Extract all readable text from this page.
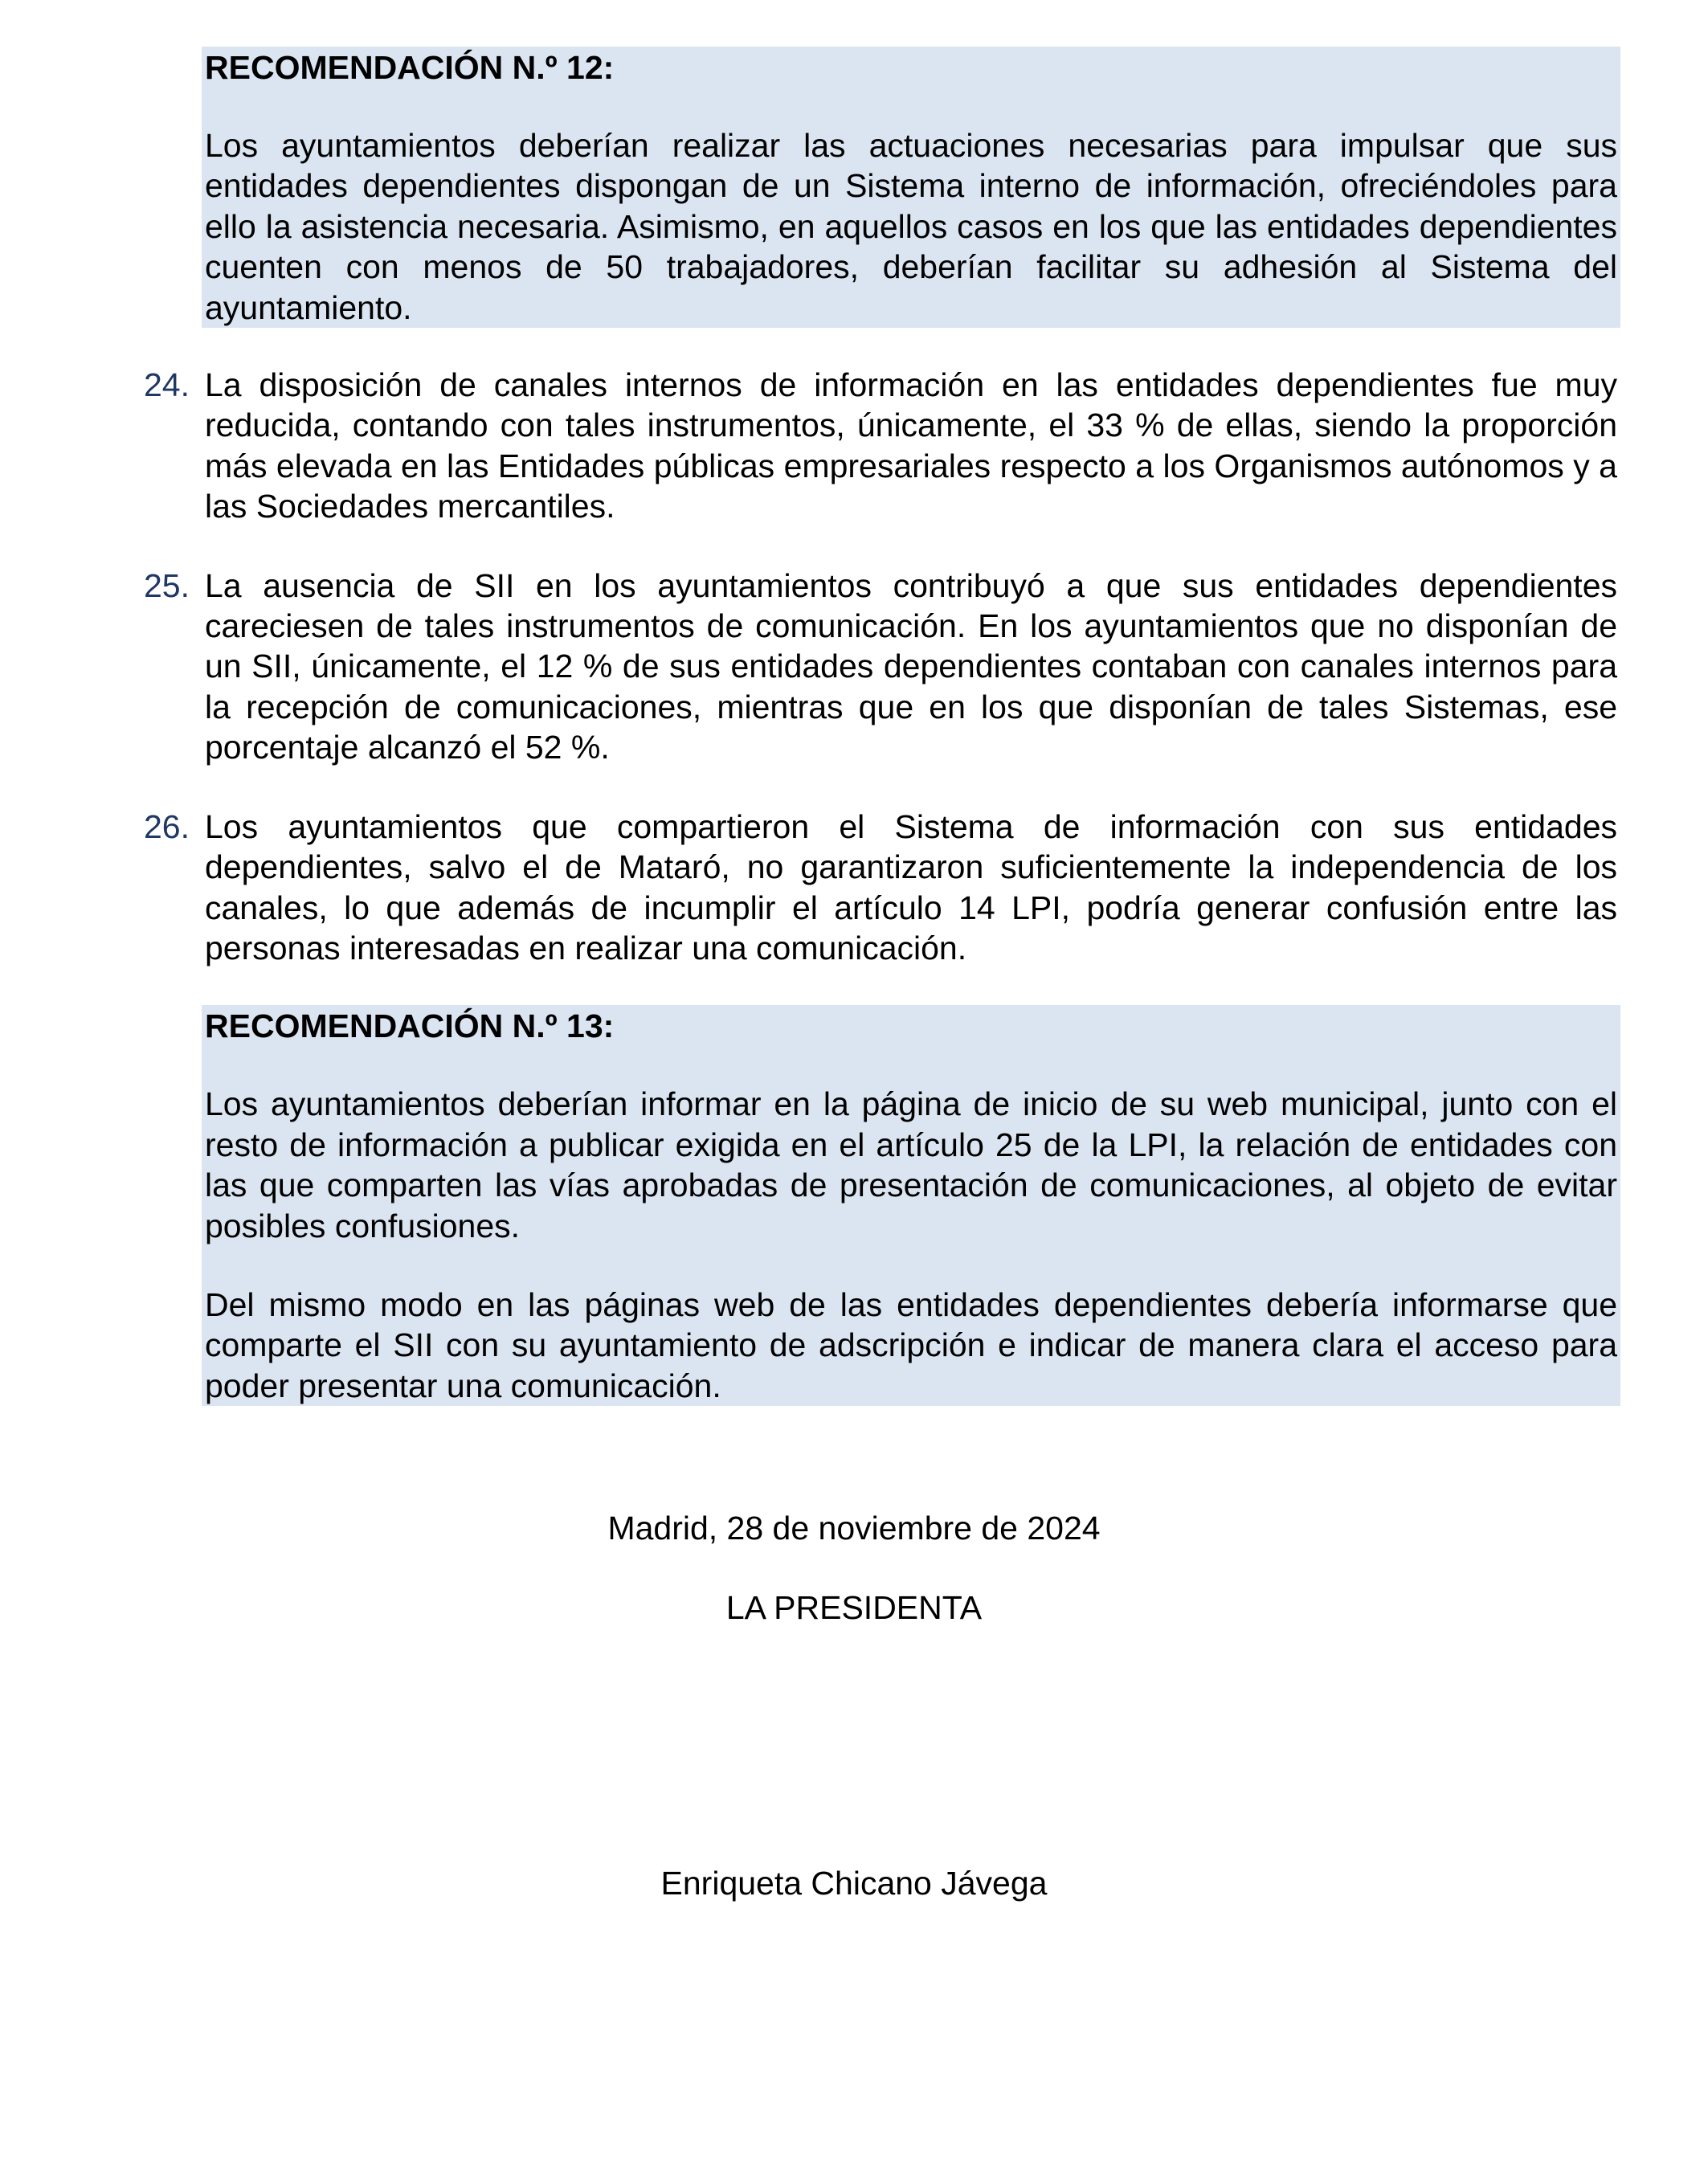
RECOMENDACIÓN N.º 12:

Los ayuntamientos deberían realizar las actuaciones necesarias para impulsar que sus entidades dependientes dispongan de un Sistema interno de información, ofreciéndoles para ello la asistencia necesaria. Asimismo, en aquellos casos en los que las entidades dependientes cuenten con menos de 50 trabajadores, deberían facilitar su adhesión al Sistema del ayuntamiento.

24. La disposición de canales internos de información en las entidades dependientes fue muy reducida, contando con tales instrumentos, únicamente, el 33 % de ellas, siendo la proporción más elevada en las Entidades públicas empresariales respecto a los Organismos autónomos y a las Sociedades mercantiles.
25. La ausencia de SII en los ayuntamientos contribuyó a que sus entidades dependientes careciesen de tales instrumentos de comunicación. En los ayuntamientos que no disponían de un SII, únicamente, el 12 % de sus entidades dependientes contaban con canales internos para la recepción de comunicaciones, mientras que en los que disponían de tales Sistemas, ese porcentaje alcanzó el 52 %.
26. Los ayuntamientos que compartieron el Sistema de información con sus entidades dependientes, salvo el de Mataró, no garantizaron suficientemente la independencia de los canales, lo que además de incumplir el artículo 14 LPI, podría generar confusión entre las personas interesadas en realizar una comunicación.

RECOMENDACIÓN N.º 13:

Los ayuntamientos deberían informar en la página de inicio de su web municipal, junto con el resto de información a publicar exigida en el artículo 25 de la LPI, la relación de entidades con las que comparten las vías aprobadas de presentación de comunicaciones, al objeto de evitar posibles confusiones.

Del mismo modo en las páginas web de las entidades dependientes debería informarse que comparte el SII con su ayuntamiento de adscripción e indicar de manera clara el acceso para poder presentar una comunicación.

Madrid, 28 de noviembre de 2024
LA PRESIDENTA
Enriqueta Chicano Jávega
